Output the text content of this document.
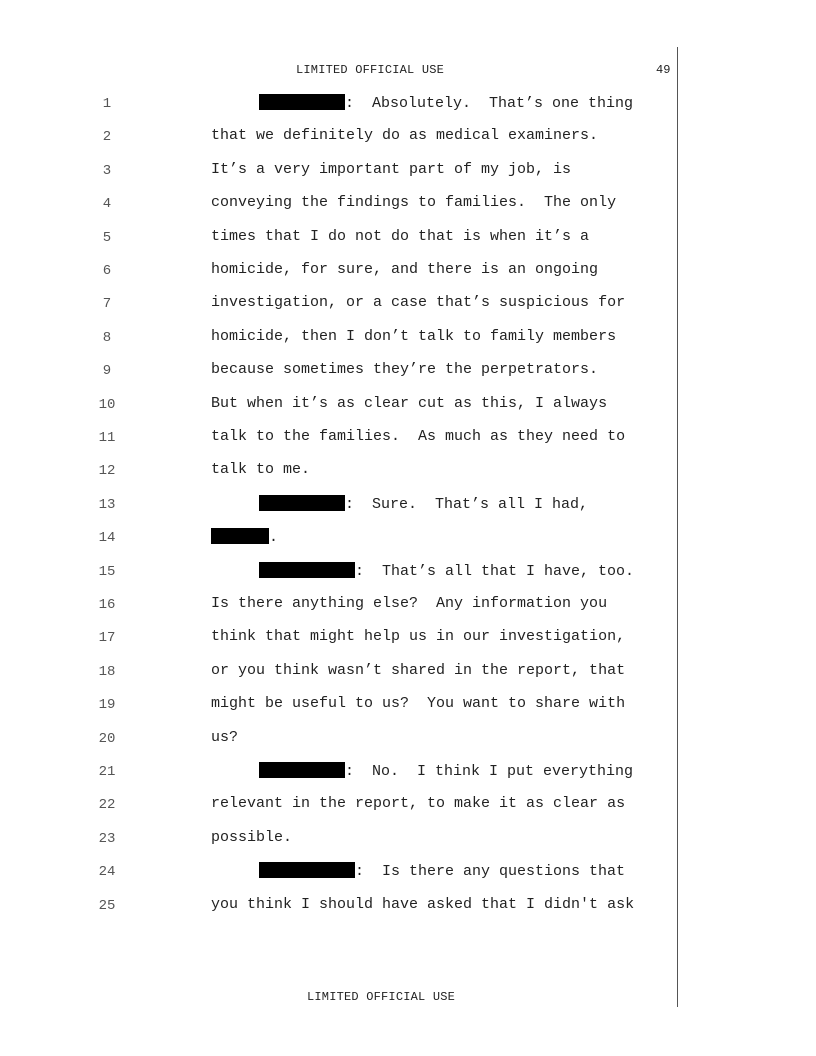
LIMITED OFFICIAL USE	49
1	:  Absolutely.  That’s one thing
2	that we definitely do as medical examiners.
3	It’s a very important part of my job, is
4	conveying the findings to families.  The only
5	times that I do not do that is when it’s a
6	homicide, for sure, and there is an ongoing
7	investigation, or a case that’s suspicious for
8	homicide, then I don’t talk to family members
9	because sometimes they’re the perpetrators.
10	But when it’s as clear cut as this, I always
11	talk to the families.  As much as they need to
12	talk to me.
13	:  Sure.  That’s all I had,
14	.
15	:  That’s all that I have, too.
16	Is there anything else?  Any information you
17	think that might help us in our investigation,
18	or you think wasn’t shared in the report, that
19	might be useful to us?  You want to share with
20	us?
21	:  No.  I think I put everything
22	relevant in the report, to make it as clear as
23	possible.
24	:  Is there any questions that
25	you think I should have asked that I didn't ask
LIMITED OFFICIAL USE
